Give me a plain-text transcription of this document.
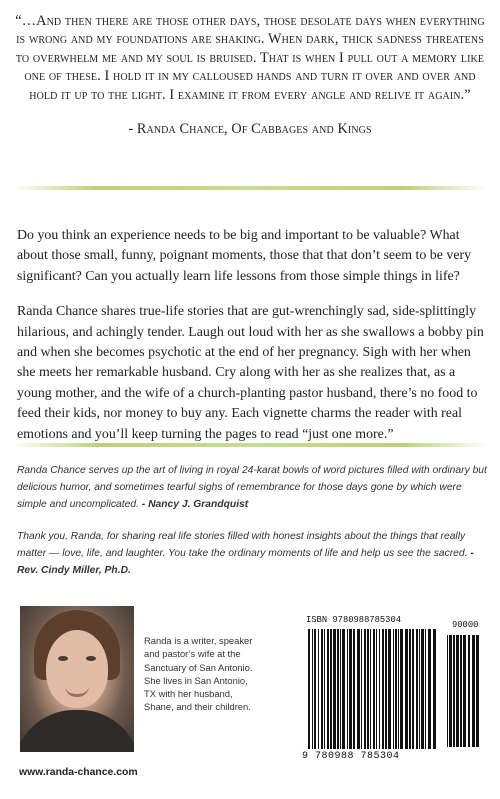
“…And then there are those other days, those desolate days when everything is wrong and my foundations are shaking. When dark, thick sadness threatens to overwhelm me and my soul is bruised. That is when I pull out a memory like one of these. I hold it in my calloused hands and turn it over and over and hold it up to the light. I examine it from every angle and relive it again.”

- Randa Chance, Of Cabbages and Kings

Do you think an experience needs to be big and important to be valuable? What about those small, funny, poignant moments, those that that don’t seem to be very significant? Can you actually learn life lessons from those simple things in life?

Randa Chance shares true-life stories that are gut-wrenchingly sad, side-splittingly hilarious, and achingly tender. Laugh out loud with her as she swallows a bobby pin and when she becomes psychotic at the end of her pregnancy. Sigh with her when she meets her remarkable husband. Cry along with her as she realizes that, as a young mother, and the wife of a church-planting pastor husband, there’s no food to feed their kids, nor money to buy any. Each vignette charms the reader with real emotions and you’ll keep turning the pages to read “just one more.”

Randa Chance serves up the art of living in royal 24-karat bowls of word pictures filled with ordinary but delicious humor, and sometimes tearful sighs of remembrance for those days gone by which were simple and uncomplicated. - Nancy J. Grandquist

Thank you, Randa, for sharing real life stories filled with honest insights about the things that really matter — love, life, and laughter. You take the ordinary moments of life and help us see the sacred. - Rev. Cindy Miller, Ph.D.

Randa is a writer, speaker and pastor’s wife at the Sanctuary of San Antonio. She lives in San Antonio, TX with her husband, Shane, and their children.
www.randa-chance.com
ISBN 9780988785304	90000
9 780988 785304
